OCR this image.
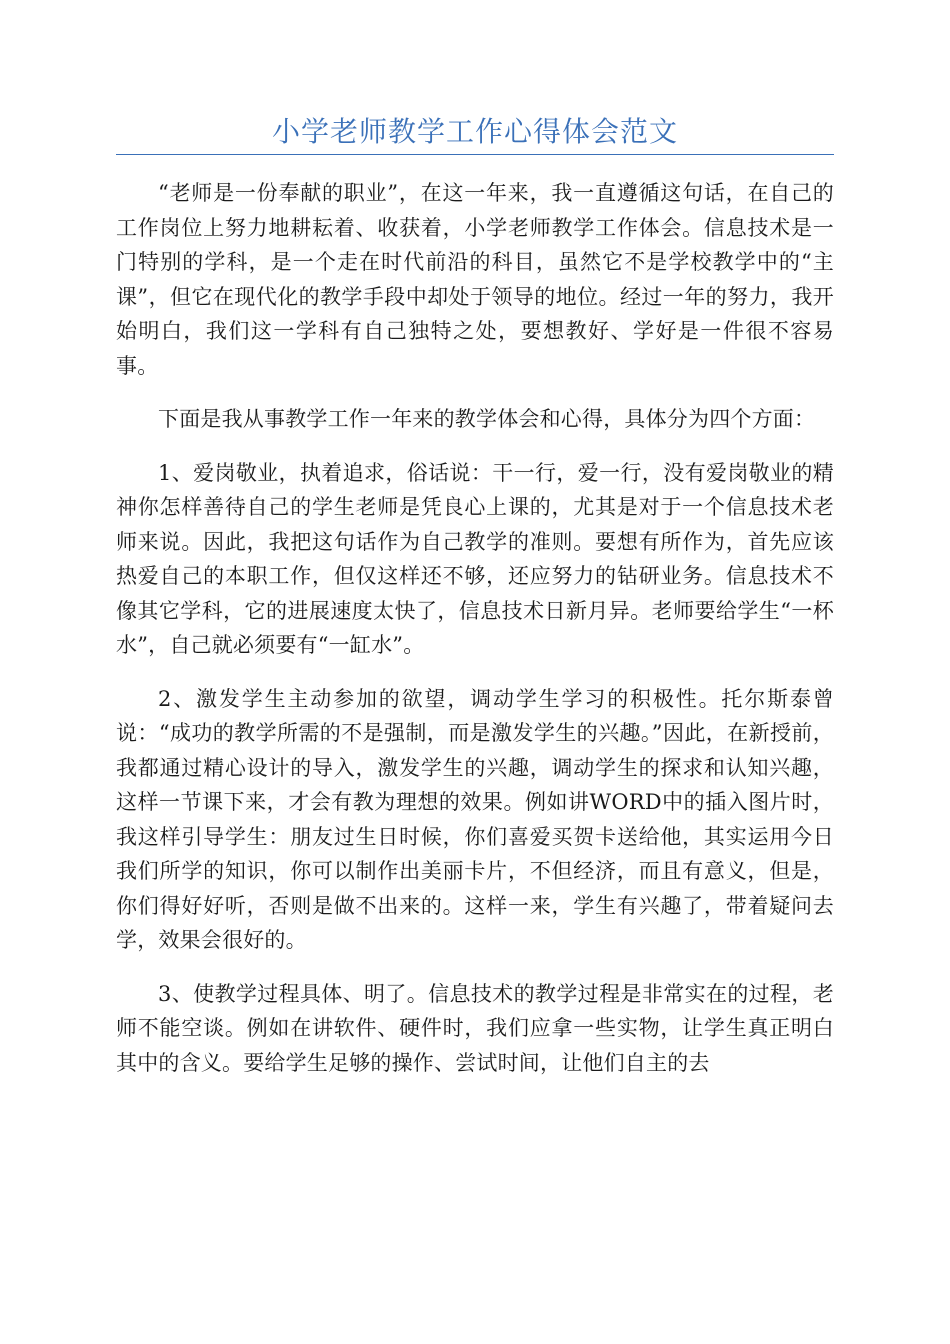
小学老师教学工作心得体会范文

“老师是一份奉献的职业”，在这一年来，我一直遵循这句话，在自己的工作岗位上努力地耕耘着、收获着，小学老师教学工作体会。信息技术是一门特别的学科，是一个走在时代前沿的科目，虽然它不是学校教学中的“主课”，但它在现代化的教学手段中却处于领导的地位。经过一年的努力，我开始明白，我们这一学科有自己独特之处，要想教好、学好是一件很不容易事。

下面是我从事教学工作一年来的教学体会和心得，具体分为四个方面：

1、爱岗敬业，执着追求，俗话说：干一行，爱一行，没有爱岗敬业的精神你怎样善待自己的学生老师是凭良心上课的，尤其是对于一个信息技术老师来说。因此，我把这句话作为自己教学的准则。要想有所作为，首先应该热爱自己的本职工作，但仅这样还不够，还应努力的钻研业务。信息技术不像其它学科，它的进展速度太快了，信息技术日新月异。老师要给学生“一杯水”，自己就必须要有“一缸水”。

2、激发学生主动参加的欲望，调动学生学习的积极性。托尔斯泰曾说：“成功的教学所需的不是强制，而是激发学生的兴趣。”因此，在新授前，我都通过精心设计的导入，激发学生的兴趣，调动学生的探求和认知兴趣，这样一节课下来，才会有教为理想的效果。例如讲WORD中的插入图片时，我这样引导学生：朋友过生日时候，你们喜爱买贺卡送给他，其实运用今日我们所学的知识，你可以制作出美丽卡片，不但经济，而且有意义，但是，你们得好好听，否则是做不出来的。这样一来，学生有兴趣了，带着疑问去学，效果会很好的。

3、使教学过程具体、明了。信息技术的教学过程是非常实在的过程，老师不能空谈。例如在讲软件、硬件时，我们应拿一些实物，让学生真正明白其中的含义。要给学生足够的操作、尝试时间，让他们自主的去
